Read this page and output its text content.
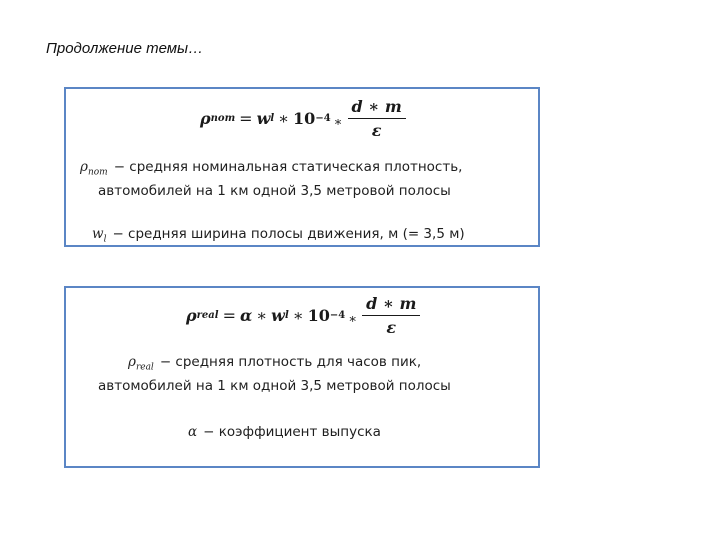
Продолжение темы…
ρ nom = w l ∗ 10 −4 ∗ $\frac{d ∗ m}{\varepsilon}$
$\rho_{nom}$ − средняя номинальная статическая плотность,
автомобилей на 1 км одной 3,5 метровой полосы
$w_l$ − средняя ширина полосы движения, м (= 3,5 м)
ρ real = α ∗ w l ∗ 10 −4 ∗ $\frac{d ∗ m}{\varepsilon}$
$\rho_{real}$ − средняя плотность для часов пик,
автомобилей на 1 км одной 3,5 метровой полосы
α − коэффициент выпуска
